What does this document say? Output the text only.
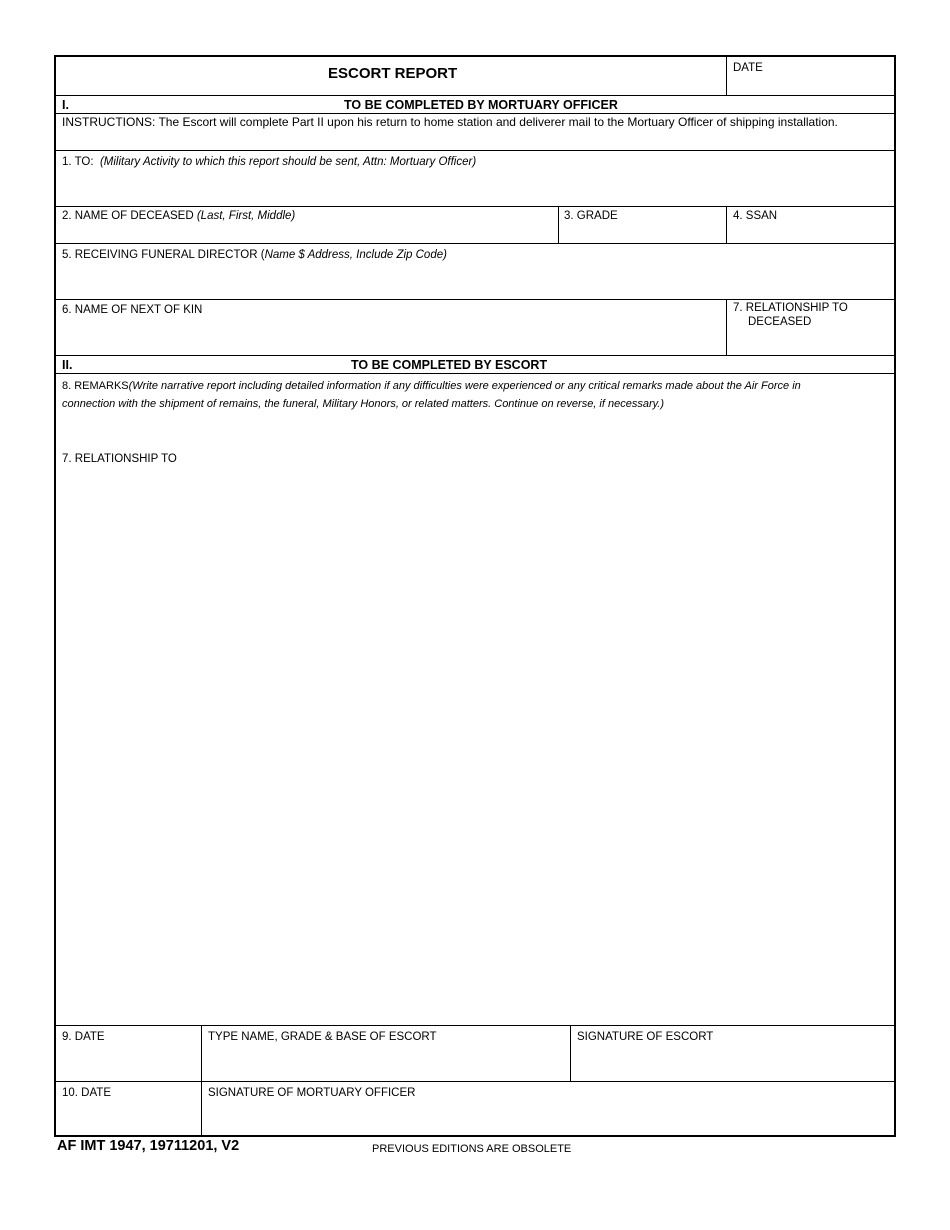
ESCORT REPORT	DATE
I.	TO BE COMPLETED BY MORTUARY OFFICER
INSTRUCTIONS: The Escort will complete Part II upon his return to home station and deliverer mail to the Mortuary Officer of shipping installation.
1. TO: (Military Activity to which this report should be sent, Attn: Mortuary Officer)
2. NAME OF DECEASED (Last, First, Middle)	3. GRADE	4. SSAN
5. RECEIVING FUNERAL DIRECTOR (Name $ Address, Include Zip Code)
6. NAME OF NEXT OF KIN	7. RELATIONSHIP TO
DECEASED
II.	TO BE COMPLETED BY ESCORT
8. REMARKS(Write narrative report including detailed information if any difficulties were experienced or any critical remarks made about the Air Force in connection with the shipment of remains, the funeral, Military Honors, or related matters. Continue on reverse, if necessary.)
7. RELATIONSHIP TO
9. DATE	TYPE NAME, GRADE & BASE OF ESCORT	SIGNATURE OF ESCORT
10. DATE	SIGNATURE OF MORTUARY OFFICER
AF IMT 1947, 19711201, V2	PREVIOUS EDITIONS ARE OBSOLETE
